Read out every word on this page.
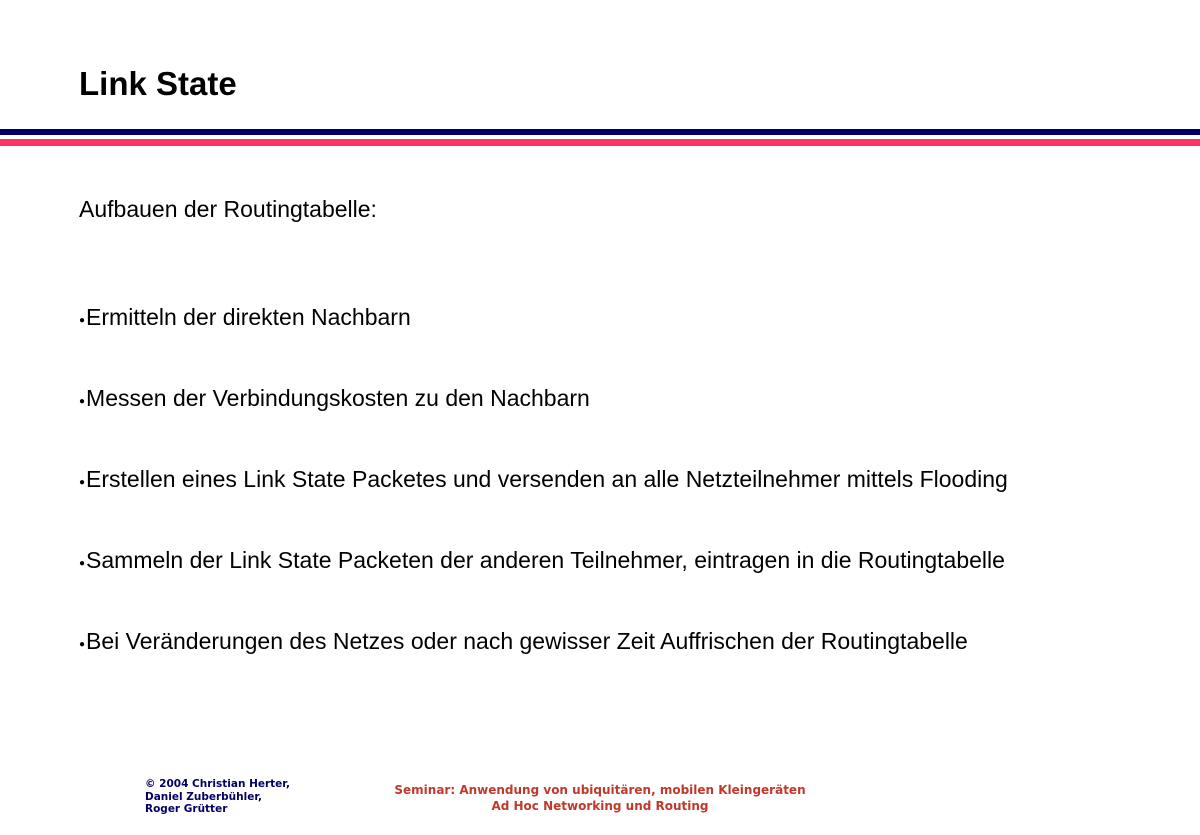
Link State

Aufbauen der Routingtabelle:

●Ermitteln der direkten Nachbarn
●Messen der Verbindungskosten zu den Nachbarn
●Erstellen eines Link State Packetes und versenden an alle Netzteilnehmer mittels Flooding
●Sammeln der Link State Packeten der anderen Teilnehmer, eintragen in die Routingtabelle
●Bei Veränderungen des Netzes oder nach gewisser Zeit Auffrischen der Routingtabelle
© 2004 Christian Herter,
Daniel Zuberbühler,
Roger Grütter
Seminar: Anwendung von ubiquitären, mobilen Kleingeräten
Ad Hoc Networking und Routing
